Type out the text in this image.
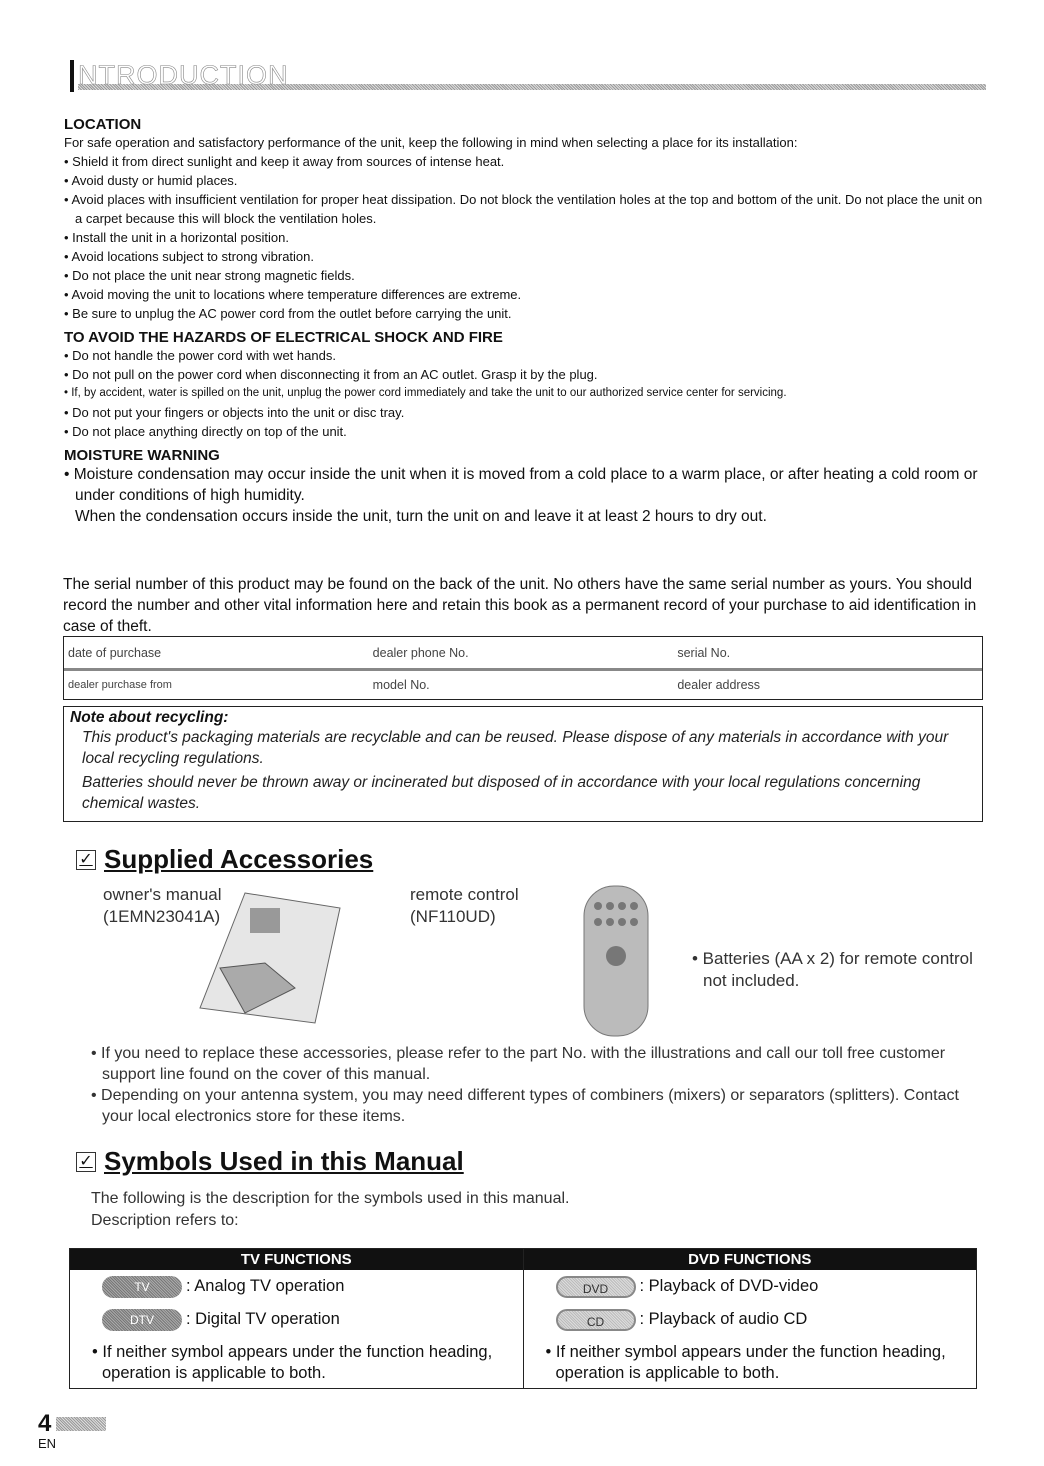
NTRODUCTION
LOCATION
For safe operation and satisfactory performance of the unit, keep the following in mind when selecting a place for its installation:
• Shield it from direct sunlight and keep it away from sources of intense heat.
• Avoid dusty or humid places.
• Avoid places with insufficient ventilation for proper heat dissipation. Do not block the ventilation holes at the top and bottom of the unit. Do not place the unit on a carpet because this will block the ventilation holes.
• Install the unit in a horizontal position.
• Avoid locations subject to strong vibration.
• Do not place the unit near strong magnetic fields.
• Avoid moving the unit to locations where temperature differences are extreme.
• Be sure to unplug the AC power cord from the outlet before carrying the unit.
TO AVOID THE HAZARDS OF ELECTRICAL SHOCK AND FIRE
• Do not handle the power cord with wet hands.
• Do not pull on the power cord when disconnecting it from an AC outlet. Grasp it by the plug.
• If, by accident, water is spilled on the unit, unplug the power cord immediately and take the unit to our authorized service center for servicing.
• Do not put your fingers or objects into the unit or disc tray.
• Do not place anything directly on top of the unit.
MOISTURE WARNING
• Moisture condensation may occur inside the unit when it is moved from a cold place to a warm place, or after heating a cold room or under conditions of high humidity.
When the condensation occurs inside the unit, turn the unit on and leave it at least 2 hours to dry out.
The serial number of this product may be found on the back of the unit. No others have the same serial number as yours. You should record the number and other vital information here and retain this book as a permanent record of your purchase to aid identification in case of theft.
date of purchase	dealer phone No.	serial No.
dealer purchase from	model No.	dealer address
Note about recycling:

This product's packaging materials are recyclable and can be reused. Please dispose of any materials in accordance with your local recycling regulations.

Batteries should never be thrown away or incinerated but disposed of in accordance with your local regulations concerning chemical wastes.

✓ Supplied Accessories
owner's manual
(1EMN23041A)
remote control
(NF110UD)
• Batteries (AA x 2) for remote control not included.
• If you need to replace these accessories, please refer to the part No. with the illustrations and call our toll free customer support line found on the cover of this manual.
• Depending on your antenna system, you may need different types of combiners (mixers) or separators (splitters). Contact your local electronics store for these items.
✓ Symbols Used in this Manual
The following is the description for the symbols used in this manual.
Description refers to:
TV FUNCTIONS
TV	: Analog TV operation
DTV	: Digital TV operation
• If neither symbol appears under the function heading, operation is applicable to both.
DVD FUNCTIONS
DVD	: Playback of DVD-video
CD	: Playback of audio CD
• If neither symbol appears under the function heading, operation is applicable to both.
4
EN
